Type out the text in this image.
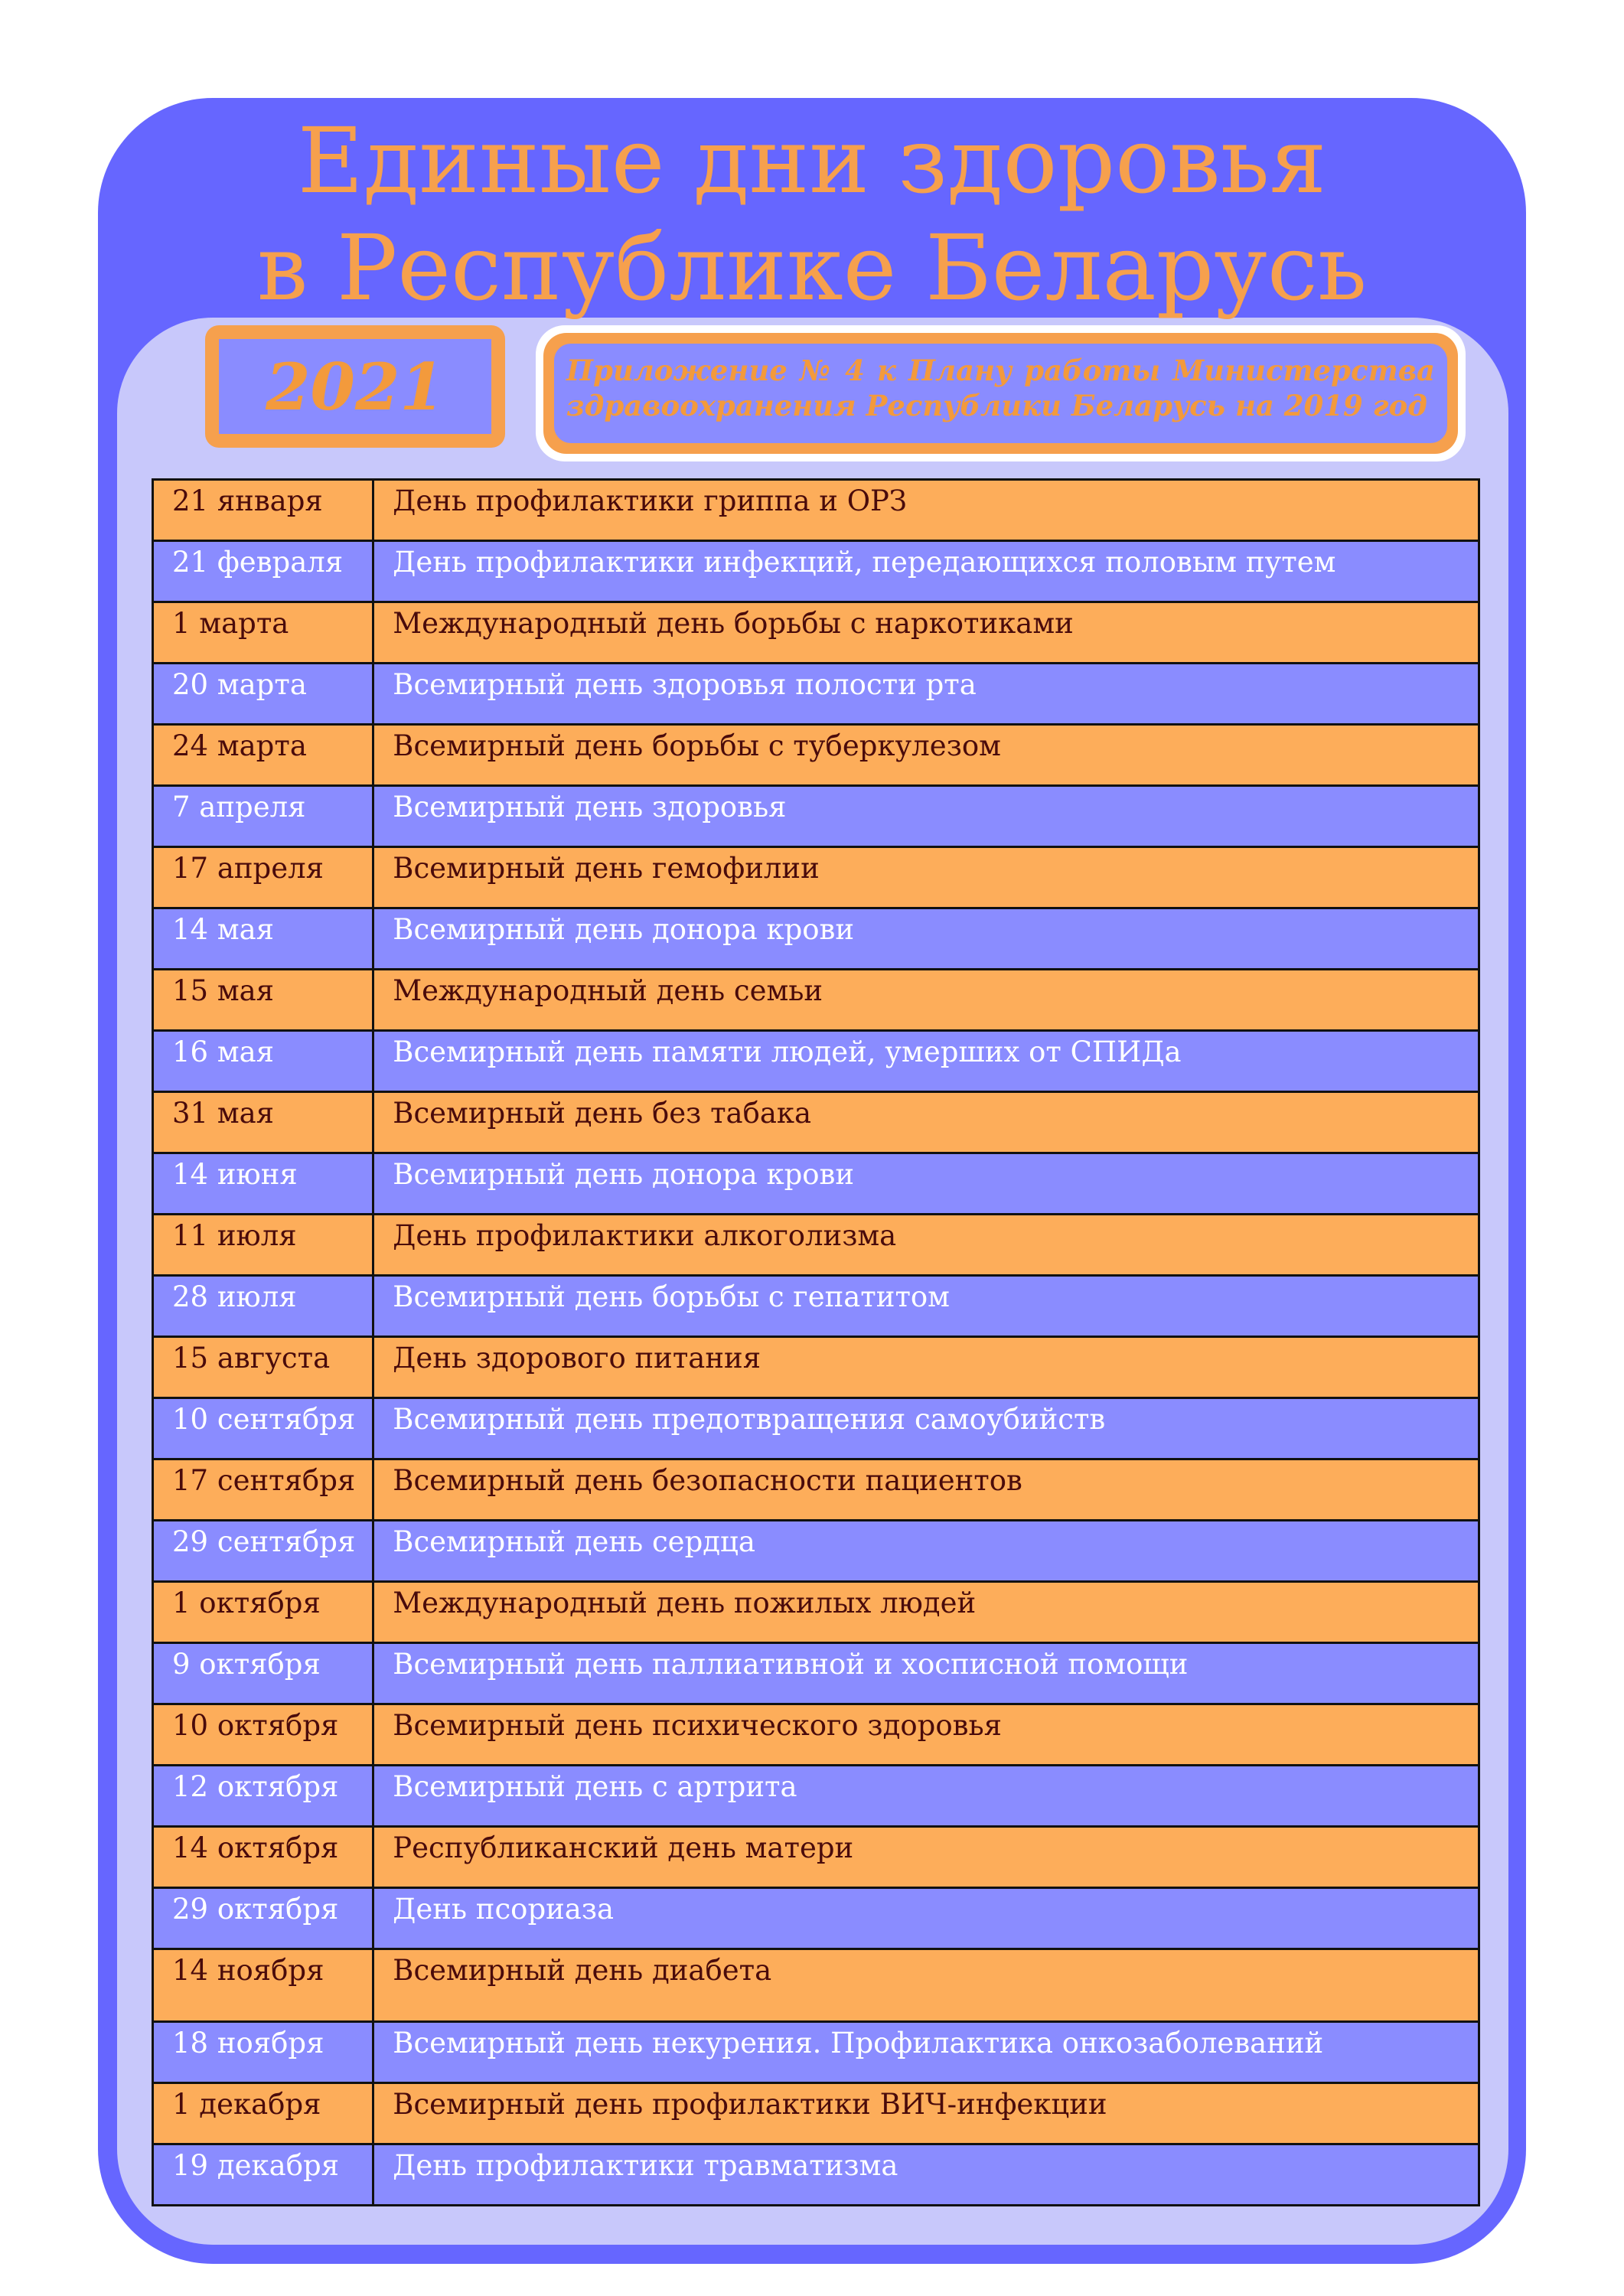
Единые дни здоровья
в Республике Беларусь
2021	Приложение № 4 к Плану работы Министерства здравоохранения Республики Беларусь на 2019 год
21 января	День профилактики гриппа и ОРЗ
21 февраля	День профилактики инфекций, передающихся половым путем
1 марта	Международный день борьбы с наркотиками
20 марта	Всемирный день здоровья полости рта
24 марта	Всемирный день борьбы с туберкулезом
7 апреля	Всемирный день здоровья
17 апреля	Всемирный день гемофилии
14 мая	Всемирный день донора крови
15 мая	Международный день семьи
16 мая	Всемирный день памяти людей, умерших от СПИДа
31 мая	Всемирный день без табака
14 июня	Всемирный день донора крови
11 июля	День профилактики алкоголизма
28 июля	Всемирный день борьбы с гепатитом
15 августа	День здорового питания
10 сентября	Всемирный день предотвращения самоубийств
17 сентября	Всемирный день безопасности пациентов
29 сентября	Всемирный день сердца
1 октября	Международный день пожилых людей
9 октября	Всемирный день паллиативной и хосписной помощи
10 октября	Всемирный день психического здоровья
12 октября	Всемирный день с артрита
14 октября	Республиканский день матери
29 октября	День псориаза
14 ноября	Всемирный день диабета
18 ноября	Всемирный день некурения. Профилактика онкозаболеваний
1 декабря	Всемирный день профилактики ВИЧ-инфекции
19 декабря	День профилактики травматизма
